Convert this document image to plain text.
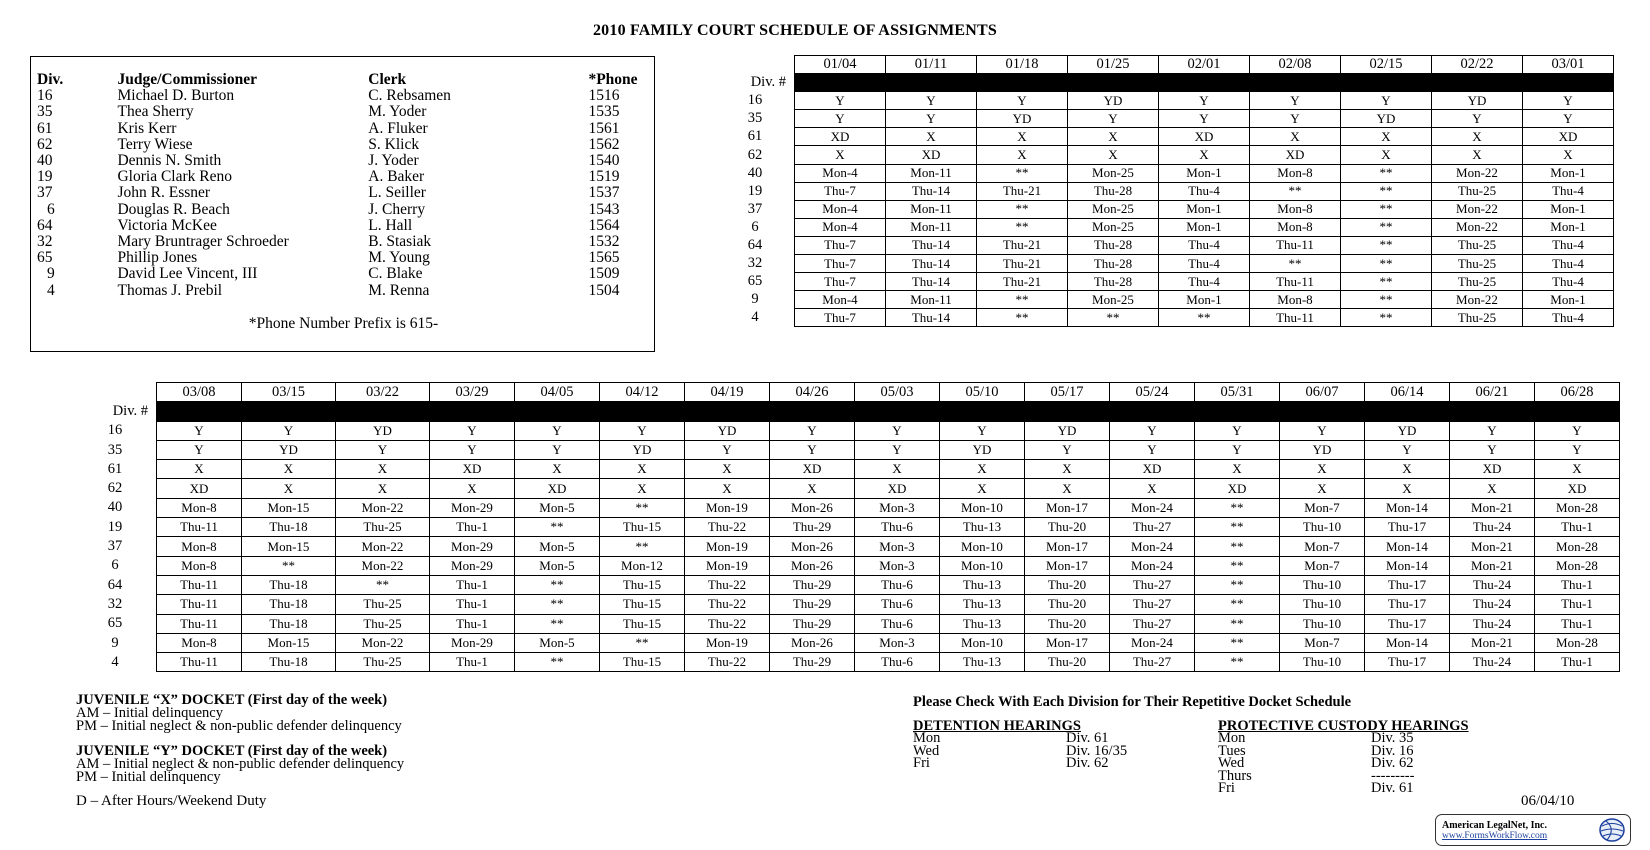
2010 FAMILY COURT SCHEDULE OF ASSIGNMENTS
Div.	Judge/Commissioner	Clerk	*Phone
16	Michael D. Burton	C. Rebsamen	1516
35	Thea Sherry	M. Yoder	1535
61	Kris Kerr	A. Fluker	1561
62	Terry Wiese	S. Klick	1562
40	Dennis N. Smith	J. Yoder	1540
19	Gloria Clark Reno	A. Baker	1519
37	John R. Essner	L. Seiller	1537
6	Douglas R. Beach	J. Cherry	1543
64	Victoria McKee	L. Hall	1564
32	Mary Bruntrager Schroeder	B. Stasiak	1532
65	Phillip Jones	M. Young	1565
9	David Lee Vincent, III	C. Blake	1509
4	Thomas J. Prebil	M. Renna	1504
*Phone Number Prefix is 615-
	01/04	01/11	01/18	01/25	02/01	02/08	02/15	02/22	03/01
Div. #									
16	Y	Y	Y	YD	Y	Y	Y	YD	Y
35	Y	Y	YD	Y	Y	Y	YD	Y	Y
61	XD	X	X	X	XD	X	X	X	XD
62	X	XD	X	X	X	XD	X	X	X
40	Mon-4	Mon-11	**	Mon-25	Mon-1	Mon-8	**	Mon-22	Mon-1
19	Thu-7	Thu-14	Thu-21	Thu-28	Thu-4	**	**	Thu-25	Thu-4
37	Mon-4	Mon-11	**	Mon-25	Mon-1	Mon-8	**	Mon-22	Mon-1
6	Mon-4	Mon-11	**	Mon-25	Mon-1	Mon-8	**	Mon-22	Mon-1
64	Thu-7	Thu-14	Thu-21	Thu-28	Thu-4	Thu-11	**	Thu-25	Thu-4
32	Thu-7	Thu-14	Thu-21	Thu-28	Thu-4	**	**	Thu-25	Thu-4
65	Thu-7	Thu-14	Thu-21	Thu-28	Thu-4	Thu-11	**	Thu-25	Thu-4
9	Mon-4	Mon-11	**	Mon-25	Mon-1	Mon-8	**	Mon-22	Mon-1
4	Thu-7	Thu-14	**	**	**	Thu-11	**	Thu-25	Thu-4
	03/08	03/15	03/22	03/29	04/05	04/12	04/19	04/26	05/03	05/10	05/17	05/24	05/31	06/07	06/14	06/21	06/28
Div. #																	
16	Y	Y	YD	Y	Y	Y	YD	Y	Y	Y	YD	Y	Y	Y	YD	Y	Y
35	Y	YD	Y	Y	Y	YD	Y	Y	Y	YD	Y	Y	Y	YD	Y	Y	Y
61	X	X	X	XD	X	X	X	XD	X	X	X	XD	X	X	X	XD	X
62	XD	X	X	X	XD	X	X	X	XD	X	X	X	XD	X	X	X	XD
40	Mon-8	Mon-15	Mon-22	Mon-29	Mon-5	**	Mon-19	Mon-26	Mon-3	Mon-10	Mon-17	Mon-24	**	Mon-7	Mon-14	Mon-21	Mon-28
19	Thu-11	Thu-18	Thu-25	Thu-1	**	Thu-15	Thu-22	Thu-29	Thu-6	Thu-13	Thu-20	Thu-27	**	Thu-10	Thu-17	Thu-24	Thu-1
37	Mon-8	Mon-15	Mon-22	Mon-29	Mon-5	**	Mon-19	Mon-26	Mon-3	Mon-10	Mon-17	Mon-24	**	Mon-7	Mon-14	Mon-21	Mon-28
6	Mon-8	**	Mon-22	Mon-29	Mon-5	Mon-12	Mon-19	Mon-26	Mon-3	Mon-10	Mon-17	Mon-24	**	Mon-7	Mon-14	Mon-21	Mon-28
64	Thu-11	Thu-18	**	Thu-1	**	Thu-15	Thu-22	Thu-29	Thu-6	Thu-13	Thu-20	Thu-27	**	Thu-10	Thu-17	Thu-24	Thu-1
32	Thu-11	Thu-18	Thu-25	Thu-1	**	Thu-15	Thu-22	Thu-29	Thu-6	Thu-13	Thu-20	Thu-27	**	Thu-10	Thu-17	Thu-24	Thu-1
65	Thu-11	Thu-18	Thu-25	Thu-1	**	Thu-15	Thu-22	Thu-29	Thu-6	Thu-13	Thu-20	Thu-27	**	Thu-10	Thu-17	Thu-24	Thu-1
9	Mon-8	Mon-15	Mon-22	Mon-29	Mon-5	**	Mon-19	Mon-26	Mon-3	Mon-10	Mon-17	Mon-24	**	Mon-7	Mon-14	Mon-21	Mon-28
4	Thu-11	Thu-18	Thu-25	Thu-1	**	Thu-15	Thu-22	Thu-29	Thu-6	Thu-13	Thu-20	Thu-27	**	Thu-10	Thu-17	Thu-24	Thu-1
JUVENILE “X” DOCKET (First day of the week)
AM – Initial delinquency
PM – Initial neglect & non-public defender delinquency
JUVENILE “Y” DOCKET (First day of the week)
AM – Initial neglect & non-public defender delinquency
PM – Initial delinquency
D – After Hours/Weekend Duty
Please Check With Each Division for Their Repetitive Docket Schedule
DETENTION HEARINGS
Mon	Div. 61
Wed	Div. 16/35
Fri	Div. 62
PROTECTIVE CUSTODY HEARINGS
Mon	Div. 35
Tues	Div. 16
Wed	Div. 62
Thurs	---------
Fri	Div. 61
06/04/10
American LegalNet, Inc.
www.FormsWorkFlow.com
